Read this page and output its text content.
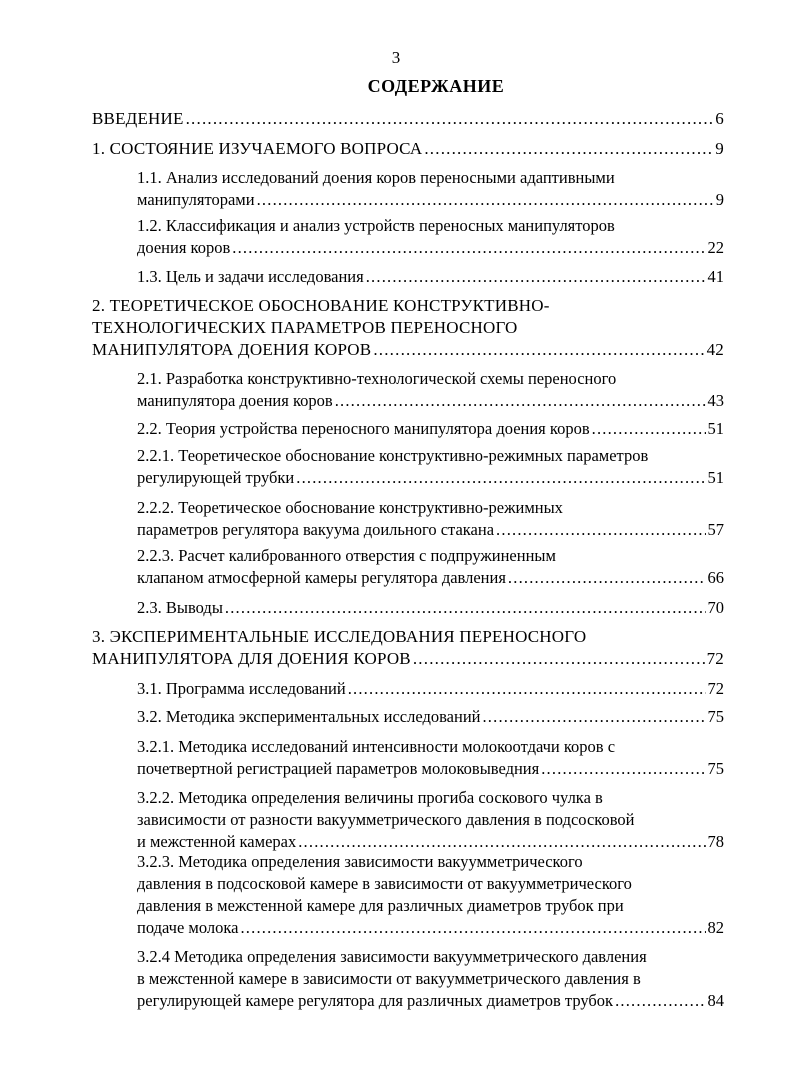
3
СОДЕРЖАНИЕ
ВВЕДЕНИЕ .....	6
1. СОСТОЯНИЕ ИЗУЧАЕМОГО ВОПРОСА .....	9
1.1. Анализ исследований доения коров переносными адаптивными
манипуляторами .....	9
1.2. Классификация и анализ устройств переносных манипуляторов
доения коров .....	22
1.3. Цель и задачи исследования .....	41
2. ТЕОРЕТИЧЕСКОЕ ОБОСНОВАНИЕ КОНСТРУКТИВНО-
ТЕХНОЛОГИЧЕСКИХ ПАРАМЕТРОВ ПЕРЕНОСНОГО
МАНИПУЛЯТОРА ДОЕНИЯ КОРОВ .....	42
2.1. Разработка конструктивно-технологической схемы переносного
манипулятора доения коров .....	43
2.2. Теория устройства переносного манипулятора доения коров .....	51
2.2.1. Теоретическое обоснование конструктивно-режимных параметров
регулирующей трубки .....	51
2.2.2. Теоретическое обоснование конструктивно-режимных
параметров регулятора вакуума доильного стакана .....	57
2.2.3. Расчет калиброванного отверстия с подпружиненным
клапаном атмосферной камеры регулятора давления .....	66
2.3. Выводы .....	70
3. ЭКСПЕРИМЕНТАЛЬНЫЕ ИССЛЕДОВАНИЯ ПЕРЕНОСНОГО
МАНИПУЛЯТОРА ДЛЯ ДОЕНИЯ КОРОВ .....	72
3.1. Программа исследований .....	72
3.2. Методика экспериментальных исследований .....	75
3.2.1. Методика исследований интенсивности молокоотдачи коров с
почетвертной регистрацией параметров молоковыведния .....	75
3.2.2. Методика определения величины прогиба соскового чулка в
зависимости от разности вакуумметрического давления в подсосковой
и межстенной камерах .....	78
3.2.3. Методика определения зависимости вакуумметрического
давления в подсосковой камере в зависимости от вакуумметрического
давления в межстенной камере для различных диаметров трубок при
подаче молока .....	82
3.2.4 Методика определения зависимости вакуумметрического давления
в межстенной камере в зависимости от вакуумметрического давления в
регулирующей камере регулятора для различных диаметров трубок .....	84
